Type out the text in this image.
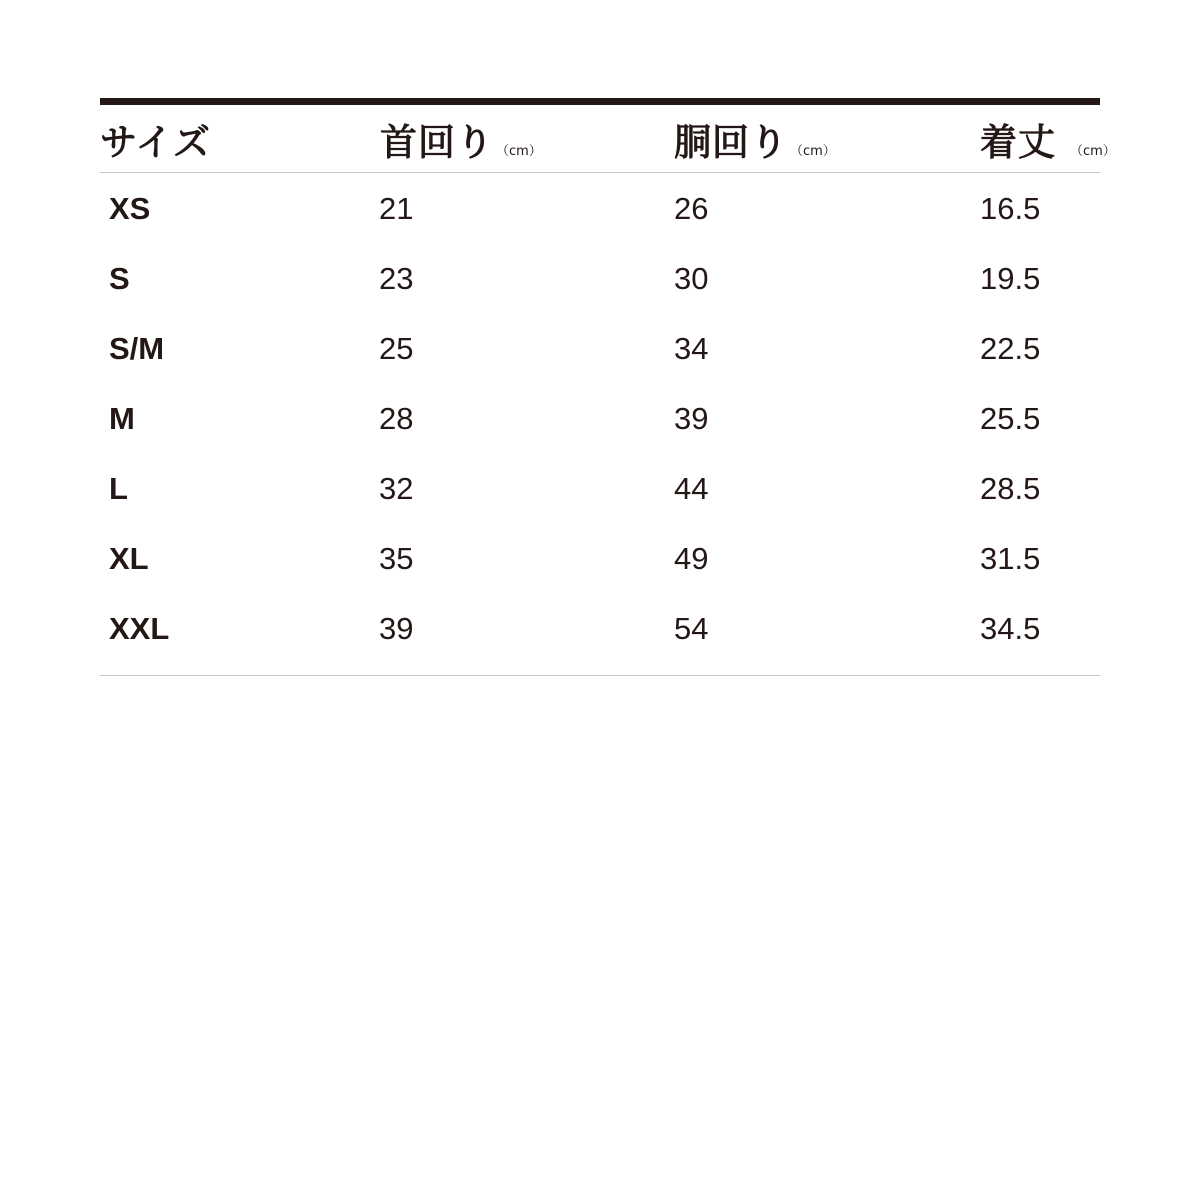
サイズ	首回り （cm）	胴回り （cm）	着丈 （cm）
XS	21	26	16.5
S	23	30	19.5
S/M	25	34	22.5
M	28	39	25.5
L	32	44	28.5
XL	35	49	31.5
XXL	39	54	34.5
